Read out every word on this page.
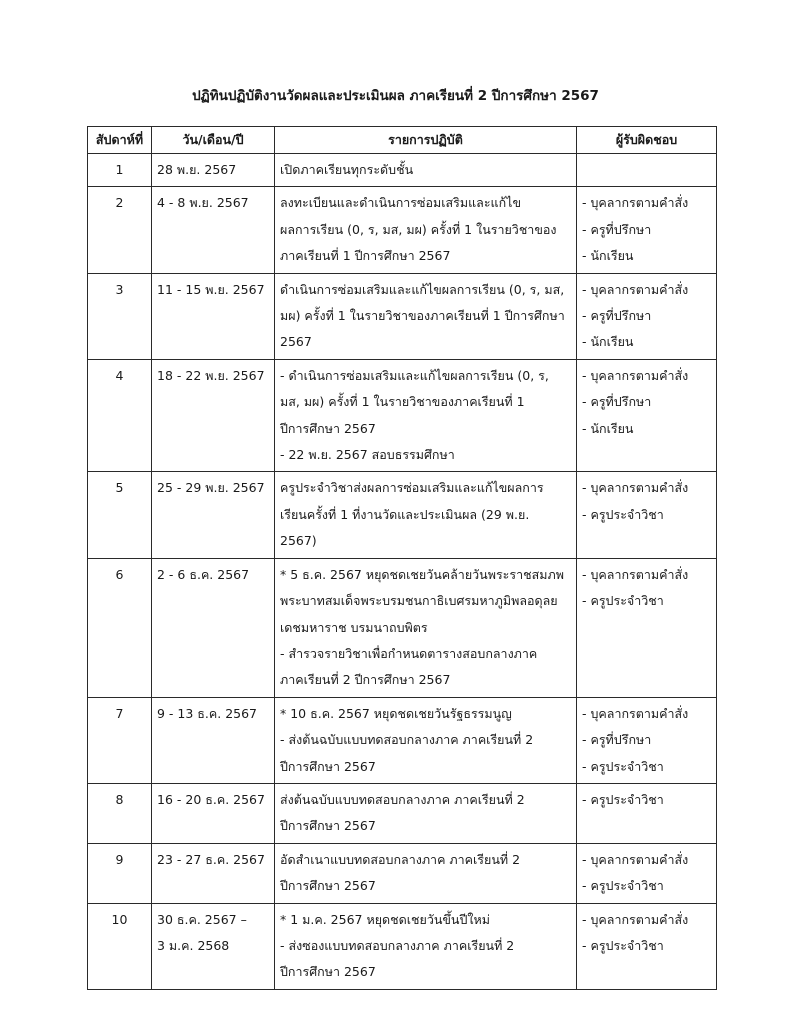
ปฏิทินปฏิบัติงานวัดผลและประเมินผล ภาคเรียนที่ 2 ปีการศึกษา 2567
สัปดาห์ที่	วัน/เดือน/ปี	รายการปฏิบัติ	ผู้รับผิดชอบ
1	28 พ.ย. 2567	เปิดภาคเรียนทุกระดับชั้น	

2	4 - 8 พ.ย. 2567	ลงทะเบียนและดำเนินการซ่อมเสริมและแก้ไข
ผลการเรียน (0, ร, มส, มผ) ครั้งที่ 1 ในรายวิชาของ
ภาคเรียนที่ 1 ปีการศึกษา 2567	- บุคลากรตามคำสั่ง
- ครูที่ปรึกษา
- นักเรียน

3	11 - 15 พ.ย. 2567	ดำเนินการซ่อมเสริมและแก้ไขผลการเรียน (0, ร, มส,
มผ) ครั้งที่ 1 ในรายวิชาของภาคเรียนที่ 1 ปีการศึกษา
2567	- บุคลากรตามคำสั่ง
- ครูที่ปรึกษา
- นักเรียน

4	18 - 22 พ.ย. 2567	- ดำเนินการซ่อมเสริมและแก้ไขผลการเรียน (0, ร,
มส, มผ) ครั้งที่ 1 ในรายวิชาของภาคเรียนที่ 1
ปีการศึกษา 2567
- 22 พ.ย. 2567 สอบธรรมศึกษา	- บุคลากรตามคำสั่ง
- ครูที่ปรึกษา
- นักเรียน

5	25 - 29 พ.ย. 2567	ครูประจำวิชาส่งผลการซ่อมเสริมและแก้ไขผลการ
เรียนครั้งที่ 1 ที่งานวัดและประเมินผล (29 พ.ย.
2567)	- บุคลากรตามคำสั่ง
- ครูประจำวิชา

6	2 - 6 ธ.ค. 2567	* 5 ธ.ค. 2567 หยุดชดเชยวันคล้ายวันพระราชสมภพ
พระบาทสมเด็จพระบรมชนกาธิเบศรมหาภูมิพลอดุลย
เดชมหาราช บรมนาถบพิตร
- สำรวจรายวิชาเพื่อกำหนดตารางสอบกลางภาค
ภาคเรียนที่ 2 ปีการศึกษา 2567	- บุคลากรตามคำสั่ง
- ครูประจำวิชา

7	9 - 13 ธ.ค. 2567	* 10 ธ.ค. 2567 หยุดชดเชยวันรัฐธรรมนูญ
- ส่งต้นฉบับแบบทดสอบกลางภาค ภาคเรียนที่ 2
ปีการศึกษา 2567	- บุคลากรตามคำสั่ง
- ครูที่ปรึกษา
- ครูประจำวิชา

8	16 - 20 ธ.ค. 2567	ส่งต้นฉบับแบบทดสอบกลางภาค ภาคเรียนที่ 2
ปีการศึกษา 2567	- ครูประจำวิชา

9	23 - 27 ธ.ค. 2567	อัดสำเนาแบบทดสอบกลางภาค ภาคเรียนที่ 2
ปีการศึกษา 2567	- บุคลากรตามคำสั่ง
- ครูประจำวิชา

10	30 ธ.ค. 2567 –
3 ม.ค. 2568	* 1 ม.ค. 2567 หยุดชดเชยวันขึ้นปีใหม่
- ส่งซองแบบทดสอบกลางภาค ภาคเรียนที่ 2
ปีการศึกษา 2567	- บุคลากรตามคำสั่ง
- ครูประจำวิชา
